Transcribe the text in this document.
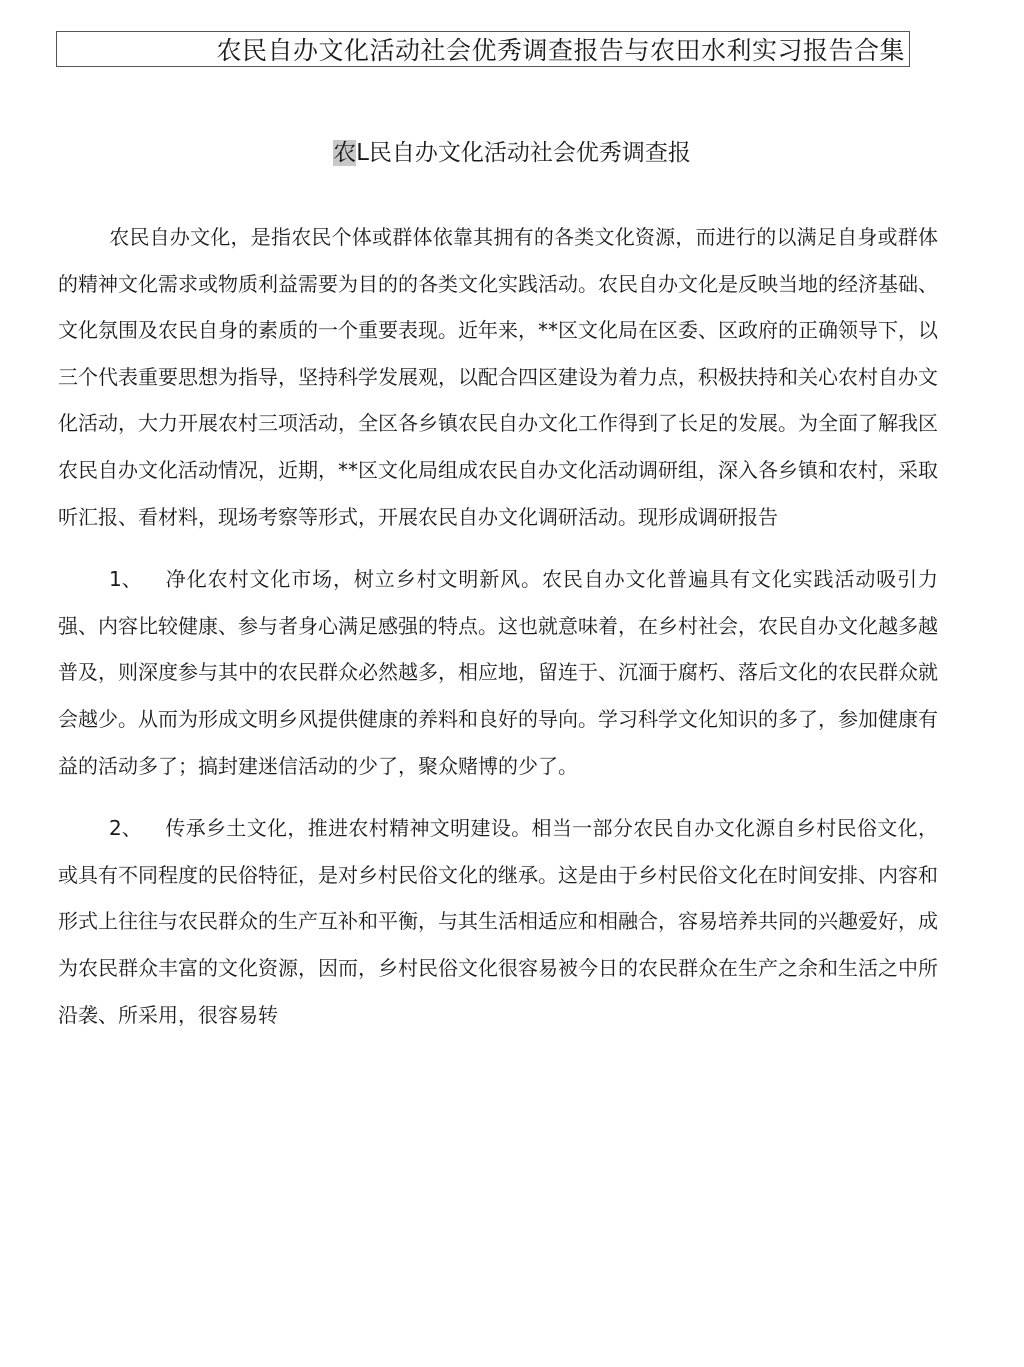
农民自办文化活动社会优秀调查报告与农田水利实习报告合集
农L民自办文化活动社会优秀调查报

农民自办文化，是指农民个体或群体依靠其拥有的各类文化资源，而进行的以满足自身或群体的精神文化需求或物质利益需要为目的的各类文化实践活动。农民自办文化是反映当地的经济基础、文化氛围及农民自身的素质的一个重要表现。近年来，**区文化局在区委、区政府的正确领导下，以三个代表重要思想为指导，坚持科学发展观，以配合四区建设为着力点，积极扶持和关心农村自办文化活动，大力开展农村三项活动，全区各乡镇农民自办文化工作得到了长足的发展。为全面了解我区农民自办文化活动情况，近期，**区文化局组成农民自办文化活动调研组，深入各乡镇和农村，采取听汇报、看材料，现场考察等形式，开展农民自办文化调研活动。现形成调研报告

1、 净化农村文化市场，树立乡村文明新风。农民自办文化普遍具有文化实践活动吸引力强、内容比较健康、参与者身心满足感强的特点。这也就意味着，在乡村社会，农民自办文化越多越普及，则深度参与其中的农民群众必然越多，相应地，留连于、沉湎于腐朽、落后文化的农民群众就会越少。从而为形成文明乡风提供健康的养料和良好的导向。学习科学文化知识的多了，参加健康有益的活动多了；搞封建迷信活动的少了，聚众赌博的少了。

2、 传承乡土文化，推进农村精神文明建设。相当一部分农民自办文化源自乡村民俗文化，或具有不同程度的民俗特征，是对乡村民俗文化的继承。这是由于乡村民俗文化在时间安排、内容和形式上往往与农民群众的生产互补和平衡，与其生活相适应和相融合，容易培养共同的兴趣爱好，成为农民群众丰富的文化资源，因而，乡村民俗文化很容易被今日的农民群众在生产之余和生活之中所沿袭、所采用，很容易转
